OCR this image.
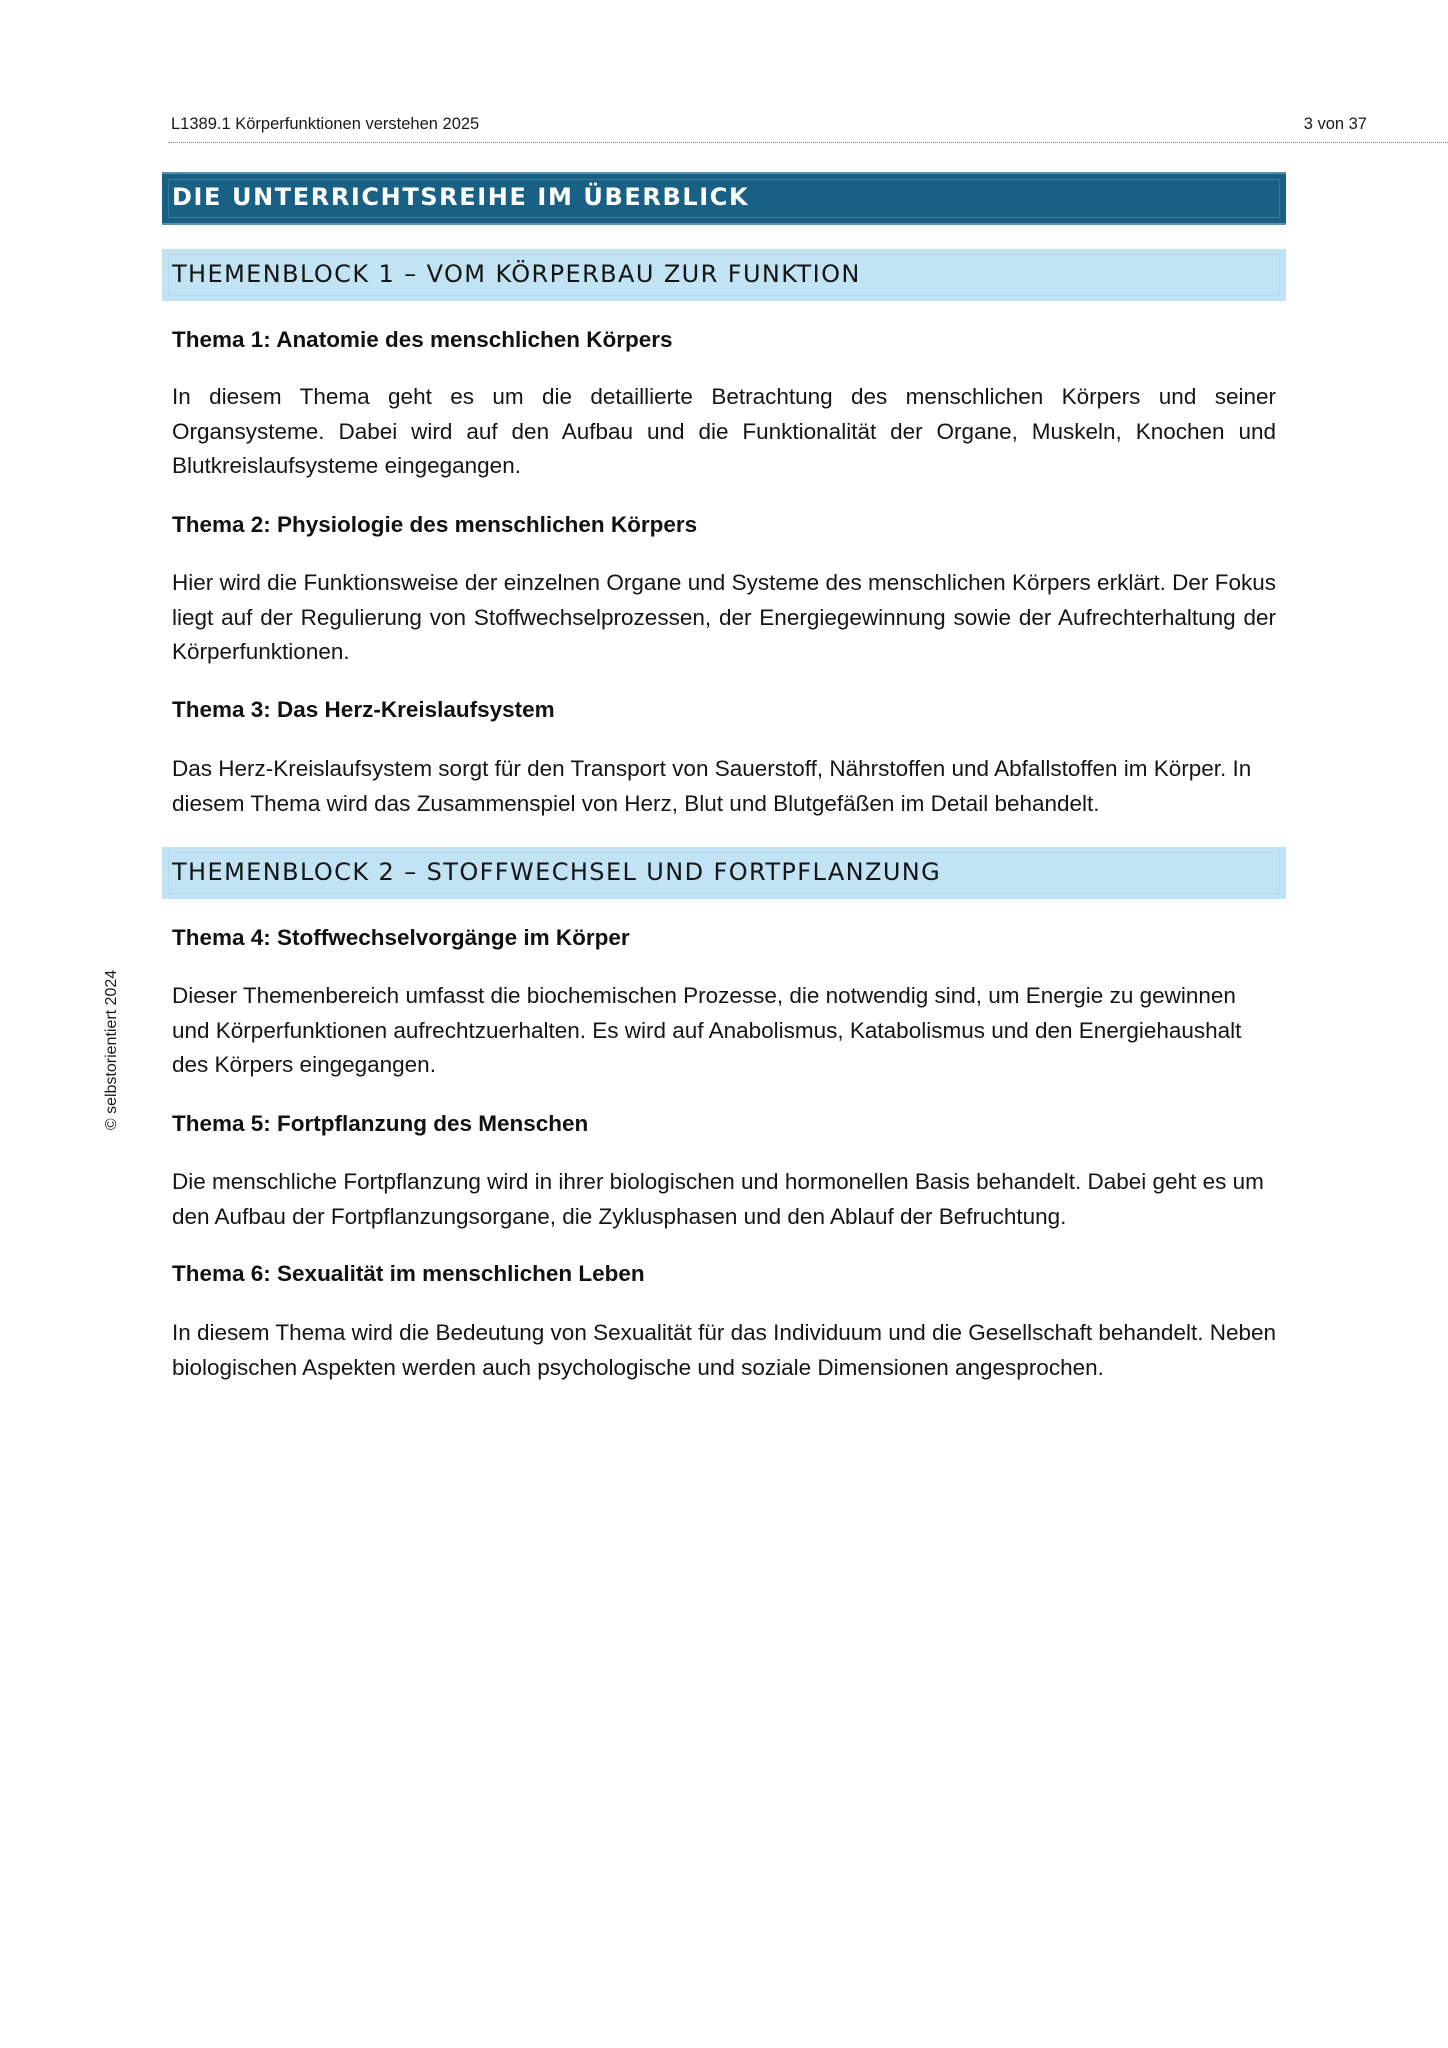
L1389.1 Körperfunktionen verstehen 2025	3 von 37
DIE UNTERRICHTSREIHE IM ÜBERBLICK
THEMENBLOCK 1 – VOM KÖRPERBAU ZUR FUNKTION
Thema 1: Anatomie des menschlichen Körpers
In diesem Thema geht es um die detaillierte Betrachtung des menschlichen Körpers und seiner Organsysteme. Dabei wird auf den Aufbau und die Funktionalität der Organe, Muskeln, Knochen und Blutkreislaufsysteme eingegangen.
Thema 2: Physiologie des menschlichen Körpers
Hier wird die Funktionsweise der einzelnen Organe und Systeme des menschlichen Körpers erklärt. Der Fokus liegt auf der Regulierung von Stoffwechselprozessen, der Energiegewinnung sowie der Aufrechterhaltung der Körperfunktionen.
Thema 3: Das Herz-Kreislaufsystem
Das Herz-Kreislaufsystem sorgt für den Transport von Sauerstoff, Nährstoffen und Abfallstoffen im Körper. In diesem Thema wird das Zusammenspiel von Herz, Blut und Blutgefäßen im Detail behandelt.
THEMENBLOCK 2 – STOFFWECHSEL UND FORTPFLANZUNG
Thema 4: Stoffwechselvorgänge im Körper
Dieser Themenbereich umfasst die biochemischen Prozesse, die notwendig sind, um Energie zu gewinnen und Körperfunktionen aufrechtzuerhalten. Es wird auf Anabolismus, Katabolismus und den Energiehaushalt des Körpers eingegangen.
Thema 5: Fortpflanzung des Menschen
Die menschliche Fortpflanzung wird in ihrer biologischen und hormonellen Basis behandelt. Dabei geht es um den Aufbau der Fortpflanzungsorgane, die Zyklusphasen und den Ablauf der Befruchtung.
Thema 6: Sexualität im menschlichen Leben
In diesem Thema wird die Bedeutung von Sexualität für das Individuum und die Gesellschaft behandelt. Neben biologischen Aspekten werden auch psychologische und soziale Dimensionen angesprochen.
© selbstorientiert 2024
